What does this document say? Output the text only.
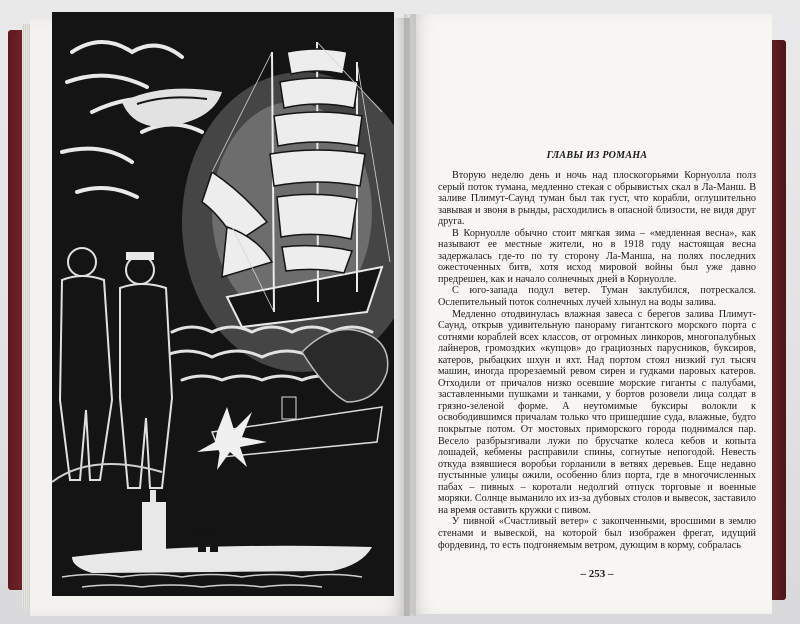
ГЛАВЫ ИЗ РОМАНА

Вторую неделю день и ночь над плоскогорьями Корнуолла полз серый поток тумана, медленно стекая с обрывистых скал в Ла-Манш. В заливе Плимут-Саунд туман был так густ, что корабли, оглушительно завывая и звоня в рынды, расходились в опасной близости, не видя друг друга.

В Корнуолле обычно стоит мягкая зима – «медленная весна», как называют ее местные жители, но в 1918 году настоящая весна задержалась где-то по ту сторону Ла-Манша, на полях последних ожесточенных битв, хотя исход мировой войны был уже давно предрешен, как и начало солнечных дней в Корнуолле.

С юго-запада подул ветер. Туман заклубился, потрескался. Ослепительный поток солнечных лучей хлынул на воды залива.

Медленно отодвинулась влажная завеса с берегов залива Плимут-Саунд, открыв удивительную панораму гигантского морского порта с сотнями кораблей всех классов, от огромных линкоров, многопалубных лайнеров, громоздких «купцов» до грациозных парусников, буксиров, катеров, рыбацких шхун и яхт. Над портом стоял низкий гул тысяч машин, иногда прорезаемый ревом сирен и гудками паровых катеров. Отходили от причалов низко осевшие морские гиганты с палубами, заставленными пушками и танками, у бортов розовели лица солдат в грязно-зеленой форме. А неутомимые буксиры волокли к освободившимся причалам только что пришедшие суда, влажные, будто покрытые потом. От мостовых приморского города поднимался пар. Весело разбрызгивали лужи по брусчатке колеса кебов и копыта лошадей, кебмены расправили спины, согнутые непогодой. Невесть откуда взявшиеся воробьи горланили в ветвях деревьев. Еще недавно пустынные улицы ожили, особенно близ порта, где в многочисленных пабах – пивных – коротали недолгий отпуск торговые и военные моряки. Солнце выманило их из-за дубовых столов и вывесок, заставило на время оставить кружки с пивом.

У пивной «Счастливый ветер» с закопченными, вросшими в землю стенами и вывеской, на которой был изображен фрегат, идущий фордевинд, то есть подгоняемым ветром, дующим в корму, собралась

– 253 –
